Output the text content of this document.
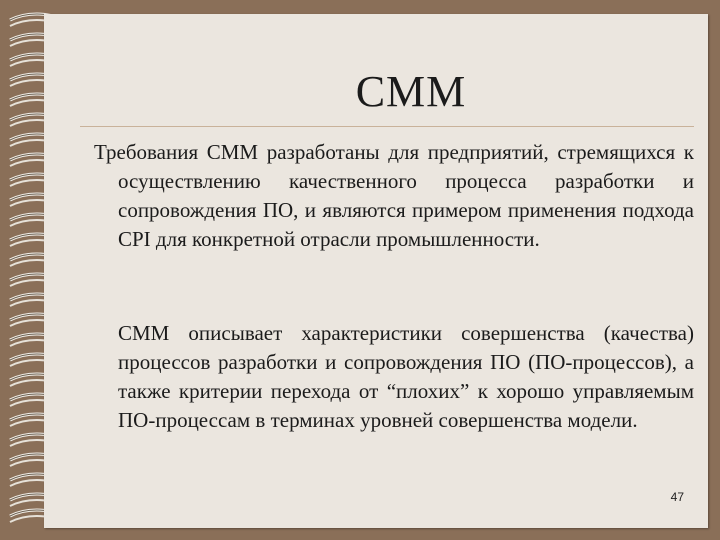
CMM
Требования CMM разработаны для предприятий, стремящихся к осуществлению качественного процесса разработки и сопровождения ПО, и являются примером применения подхода CPI для конкретной отрасли промышленности.
CMM описывает характеристики совершенства (качества) процессов разработки и сопровождения ПО (ПО-процессов), а также критерии перехода от “плохих” к хорошо управляемым ПО-процессам в терминах уровней совершенства модели.
47
